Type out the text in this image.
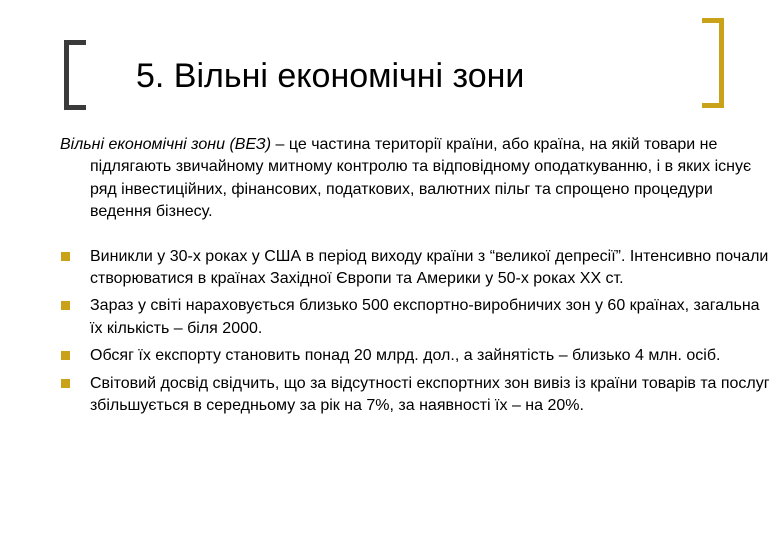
5. Вільні економічні зони

Вільні економічні зони (ВЕЗ) – це частина території країни, або країна, на якій товари не підлягають звичайному митному контролю та відповідному оподаткуванню, і в яких існує ряд інвестиційних, фінансових, податкових, валютних пільг та спрощено процедури ведення бізнесу.

Виникли у 30-х роках у США в період виходу країни з “великої депресії”. Інтенсивно почали створюватися в країнах Західної Європи та Америки у 50-х роках ХХ ст.
Зараз у світі нараховується близько 500 експортно-виробничих зон у 60 країнах, загальна їх кількість – біля 2000.
Обсяг їх експорту становить понад 20 млрд. дол., а зайнятість – близько 4 млн. осіб.
Світовий досвід свідчить, що за відсутності експортних зон вивіз із країни товарів та послуг збільшується в середньому за рік на 7%, за наявності їх – на 20%.
